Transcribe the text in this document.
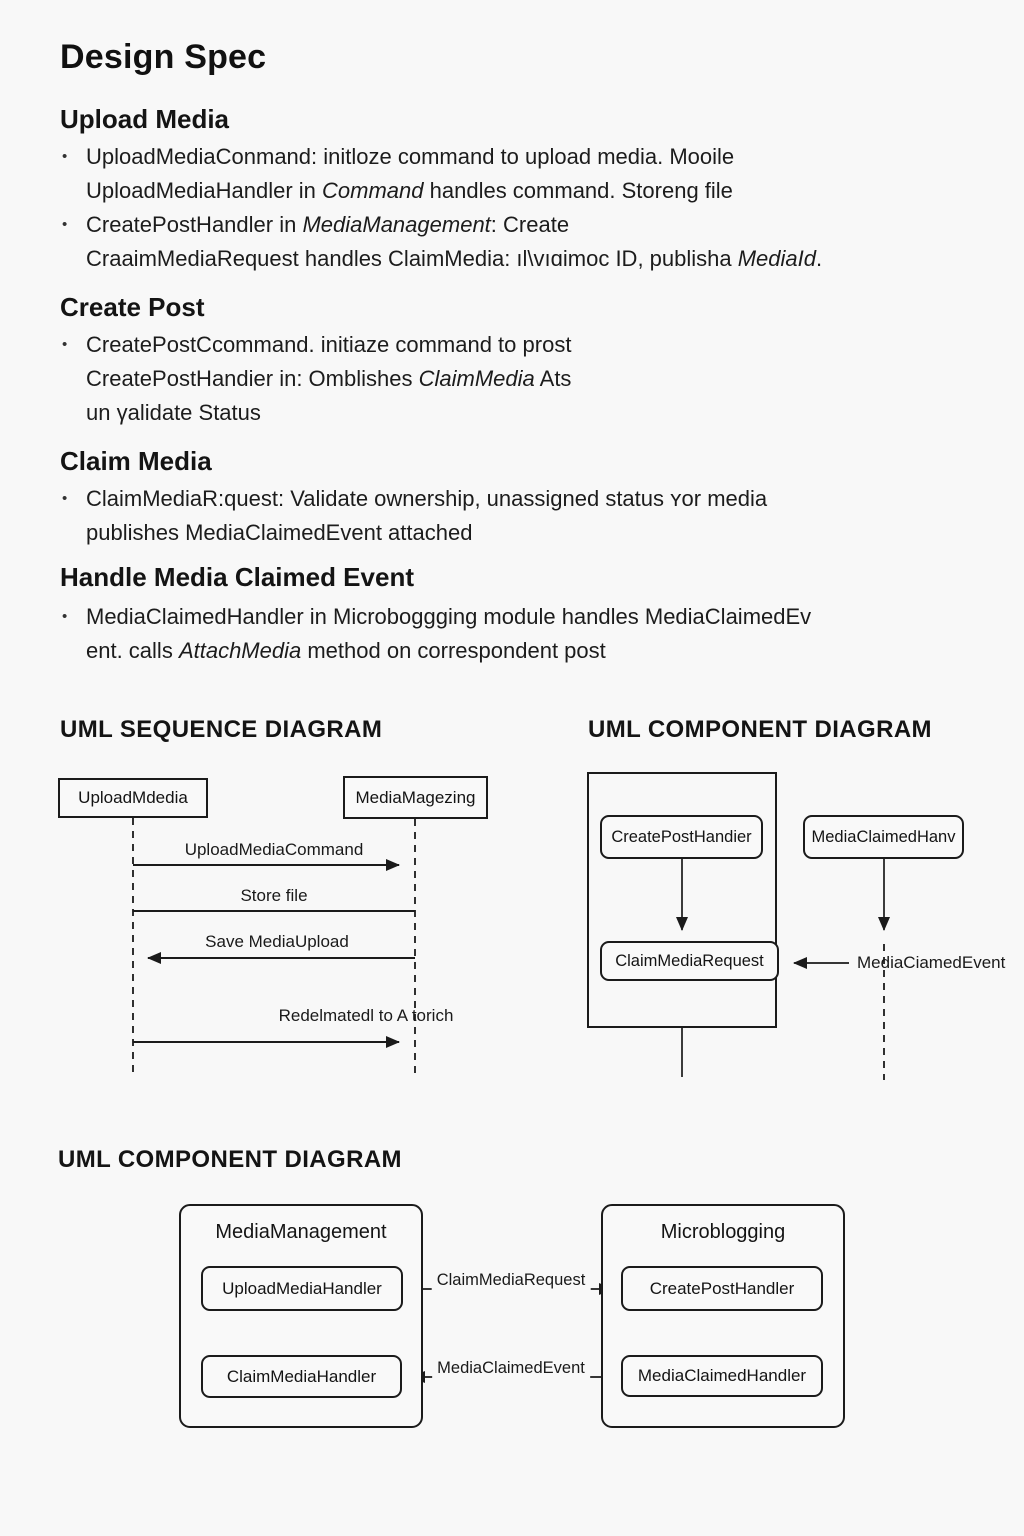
Design Spec
Upload Media
• UploadMediaConmand: initloze command to upload media. Mooile
UploadMediaHandler in Command handles command. Storeng file
• CreatePostHandler in MediaManagement: Create
CraaimMediaRequest handles ClaimMedia: ıl\vıɑimoc ID, publisha MediaId.
Create Post
• CreatePostCcommand. initiaze command to prost
CreatePostHandier in: Omblishes ClaimMedia Ats
un γalidate Status
Claim Media
• ClaimMediaR:quest: Validate ownership, unassigned status ʏor media
publishes MediaClaimedEvent attached
Handle Media Claimed Event
• MediaClaimedHandler in Microboggging module handles MediaClaimedEv
ent. calls AttachMedia method on correspondent post
UML SEQUENCE DIAGRAM
UploadMdedia	MediaMagezing
UploadMediaCommand
Store file
Save MediaUpload
Redelmatedl to A torich
UML COMPONENT DIAGRAM
CreatePostHandier
ClaimMediaRequest
MediaClaimedHanv
MediaCiamedEvent
UML COMPONENT DIAGRAM
MediaManagement
UploadMediaHandler
ClaimMediaHandler
Microblogging
CreatePostHandler
MediaClaimedHandler
ClaimMediaRequest
MediaClaimedEvent
